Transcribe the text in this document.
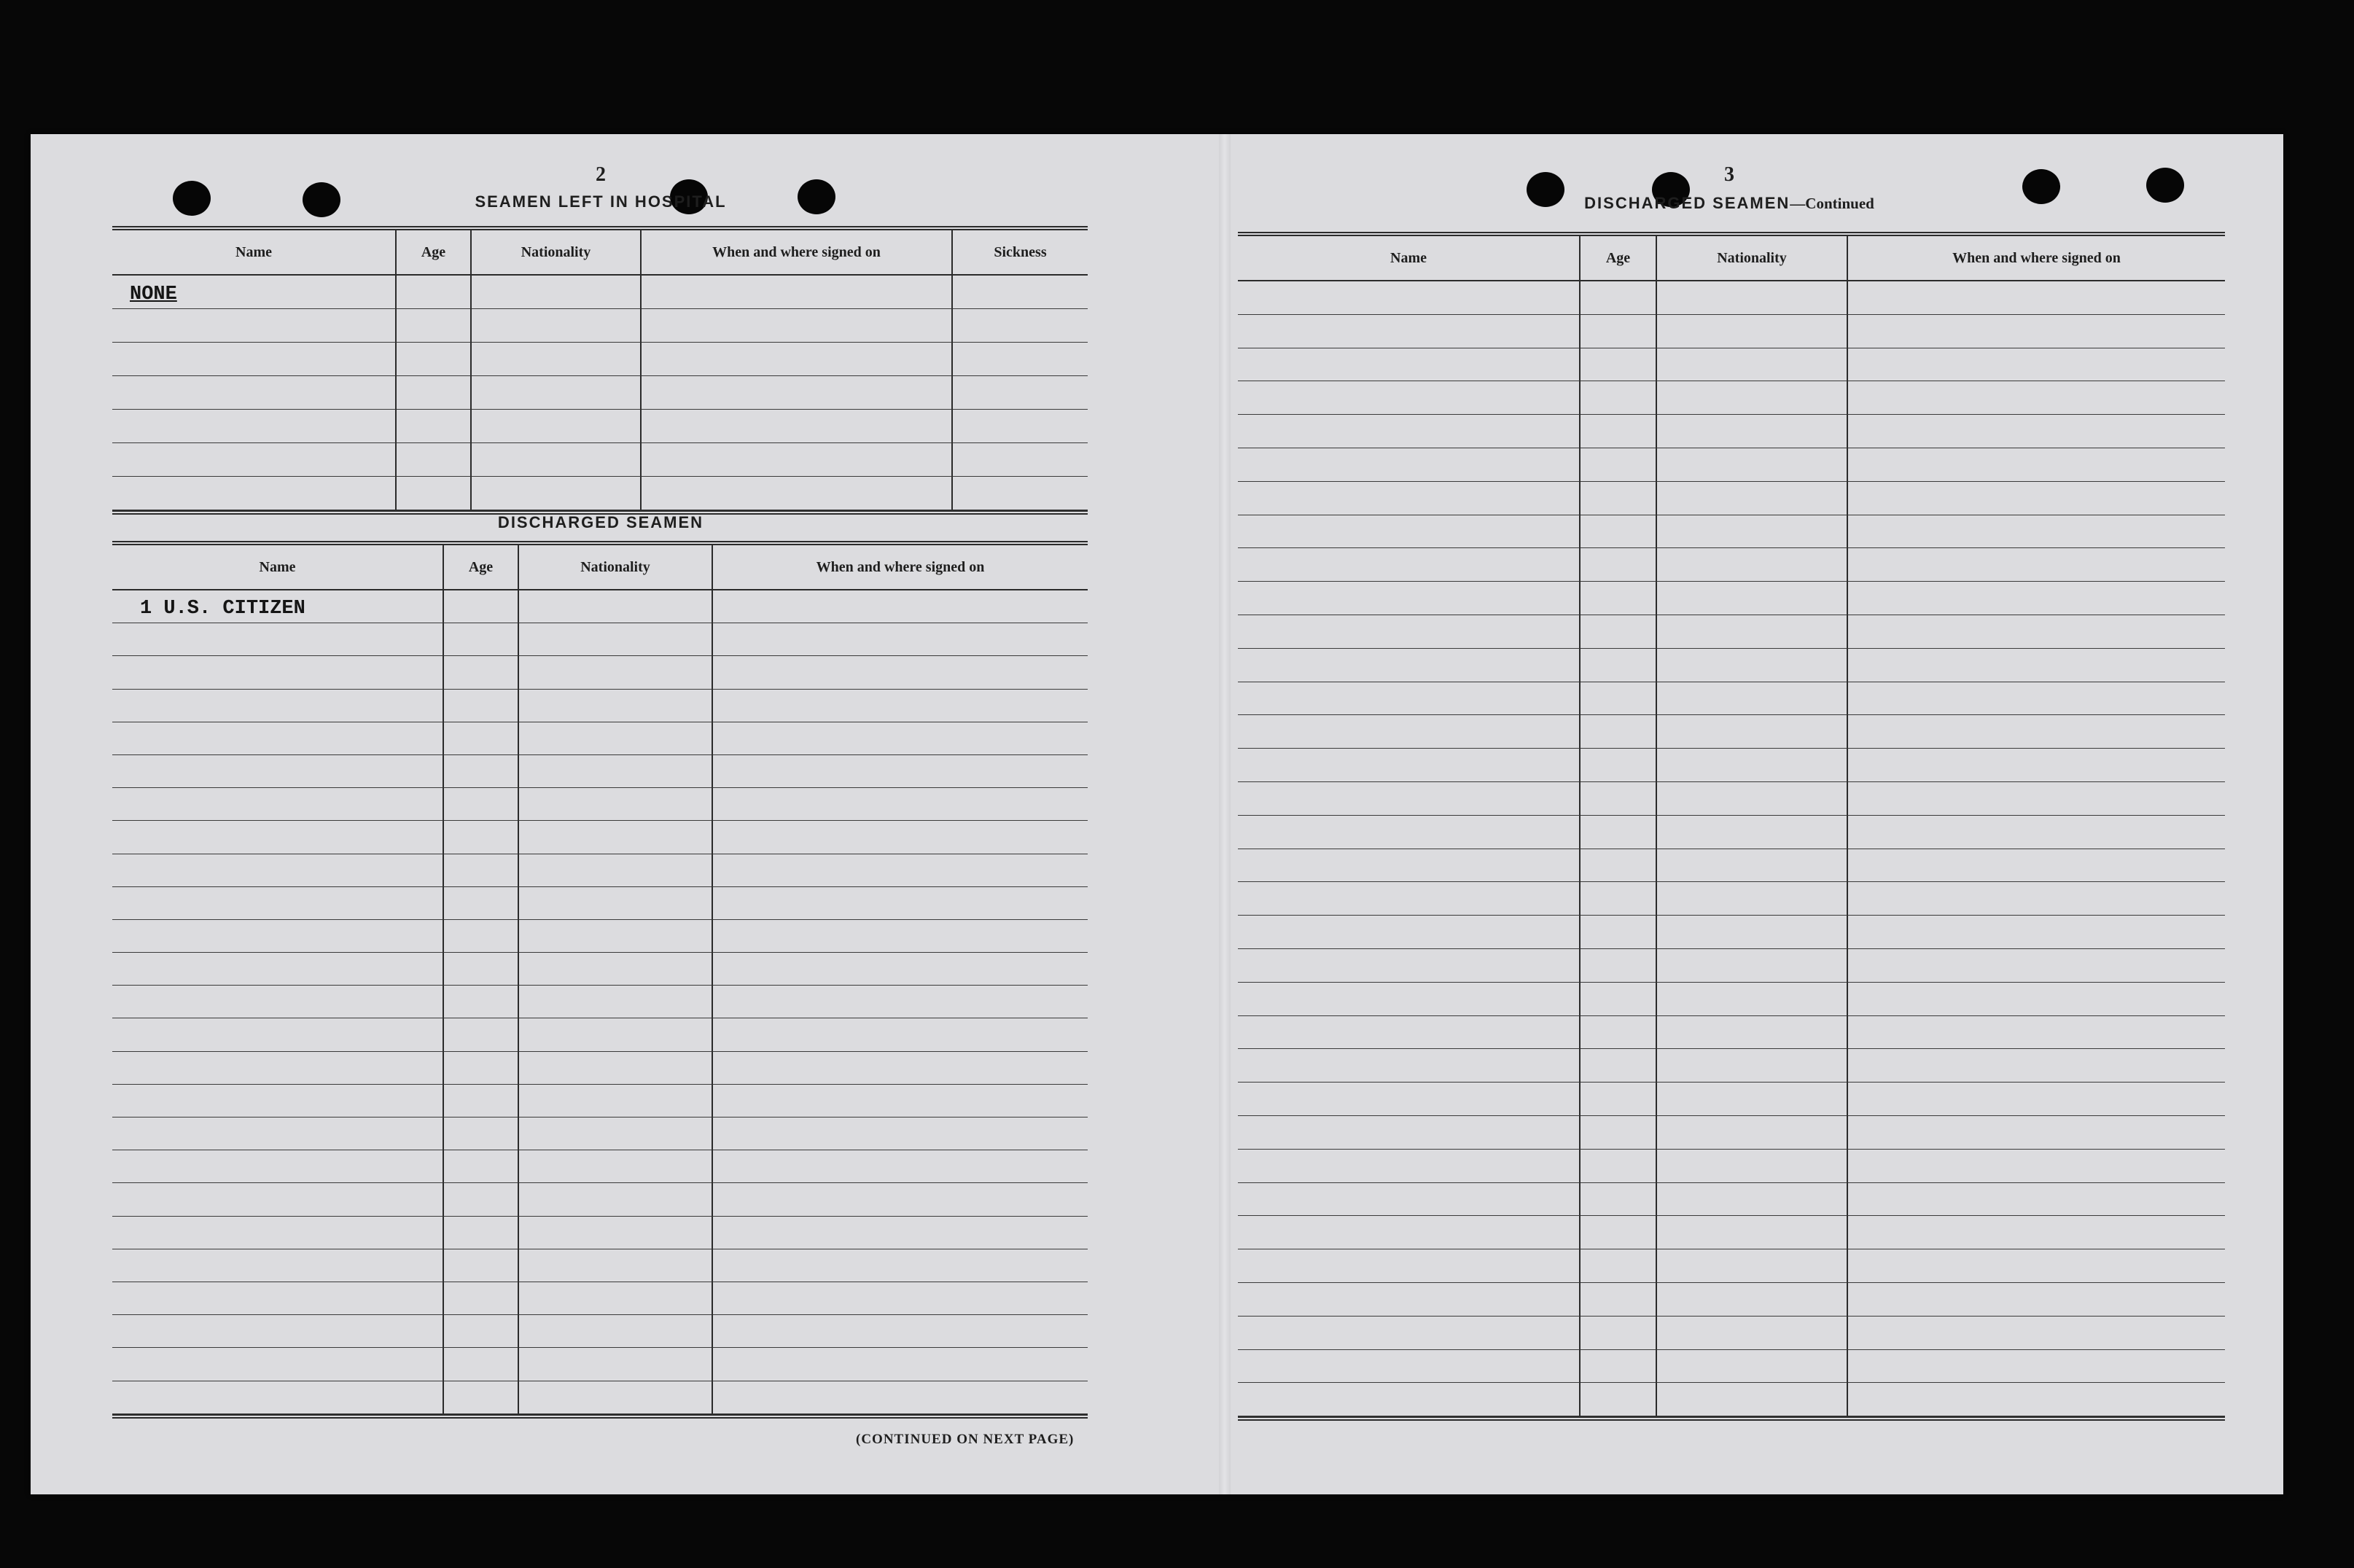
2
SEAMEN LEFT IN HOSPITAL
Name	Age	Nationality	When and where signed on	Sickness
NONE
DISCHARGED SEAMEN
Name	Age	Nationality	When and where signed on
1 U.S. CITIZEN
(CONTINUED ON NEXT PAGE)
3
DISCHARGED SEAMEN—Continued
Name	Age	Nationality	When and where signed on
